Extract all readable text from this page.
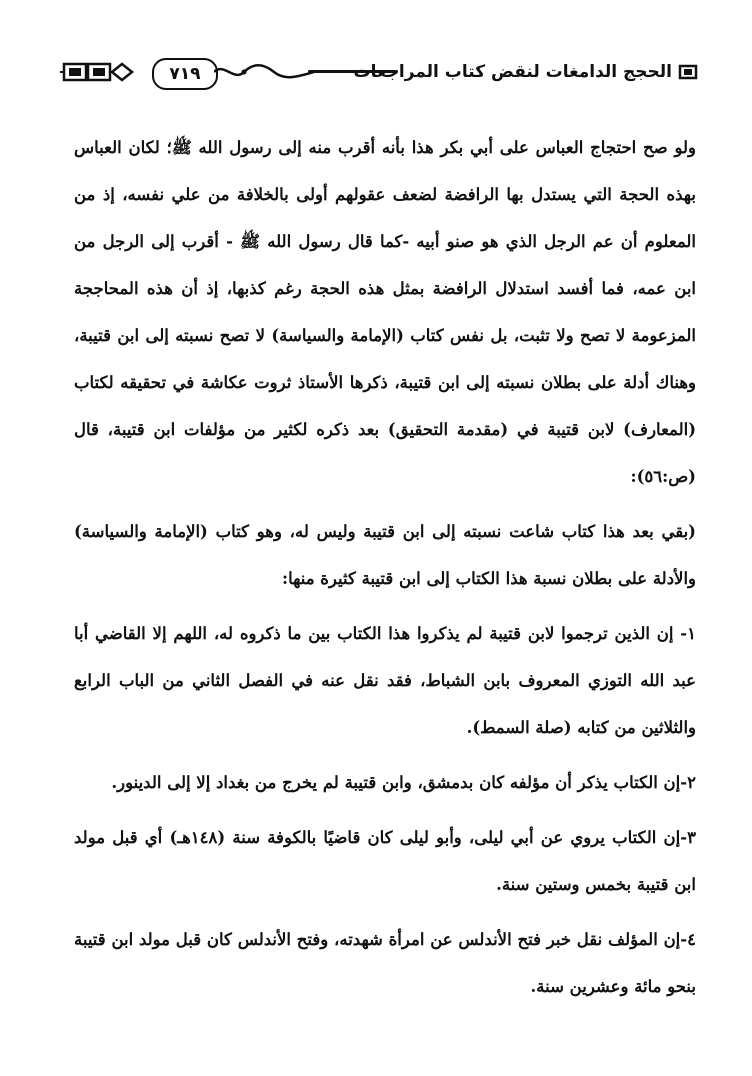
٧١٩	الحجج الدامغات لنقض كتاب المراجعات

ولو صح احتجاج العباس على أبي بكر هذا بأنه أقرب منه إلى رسول الله ﷺ؛ لكان العباس بهذه الحجة التي يستدل بها الرافضة لضعف عقولهم أولى بالخلافة من علي نفسه، إذ من المعلوم أن عم الرجل الذي هو صنو أبيه -كما قال رسول الله ﷺ - أقرب إلى الرجل من ابن عمه، فما أفسد استدلال الرافضة بمثل هذه الحجة رغم كذبها، إذ أن هذه المحاججة المزعومة لا تصح ولا تثبت، بل نفس كتاب (الإمامة والسياسة) لا تصح نسبته إلى ابن قتيبة، وهناك أدلة على بطلان نسبته إلى ابن قتيبة، ذكرها الأستاذ ثروت عكاشة في تحقيقه لكتاب (المعارف) لابن قتيبة في (مقدمة التحقيق) بعد ذكره لكثير من مؤلفات ابن قتيبة، قال (ص:٥٦):

(بقي بعد هذا كتاب شاعت نسبته إلى ابن قتيبة وليس له، وهو كتاب (الإمامة والسياسة) والأدلة على بطلان نسبة هذا الكتاب إلى ابن قتيبة كثيرة منها:

١- إن الذين ترجموا لابن قتيبة لم يذكروا هذا الكتاب بين ما ذكروه له، اللهم إلا القاضي أبا عبد الله التوزي المعروف بابن الشباط، فقد نقل عنه في الفصل الثاني من الباب الرابع والثلاثين من كتابه (صلة السمط).

٢-إن الكتاب يذكر أن مؤلفه كان بدمشق، وابن قتيبة لم يخرج من بغداد إلا إلى الدينور.

٣-إن الكتاب يروي عن أبي ليلى، وأبو ليلى كان قاضيًا بالكوفة سنة (١٤٨هـ) أي قبل مولد ابن قتيبة بخمس وستين سنة.

٤-إن المؤلف نقل خبر فتح الأندلس عن امرأة شهدته، وفتح الأندلس كان قبل مولد ابن قتيبة بنحو مائة وعشرين سنة.
